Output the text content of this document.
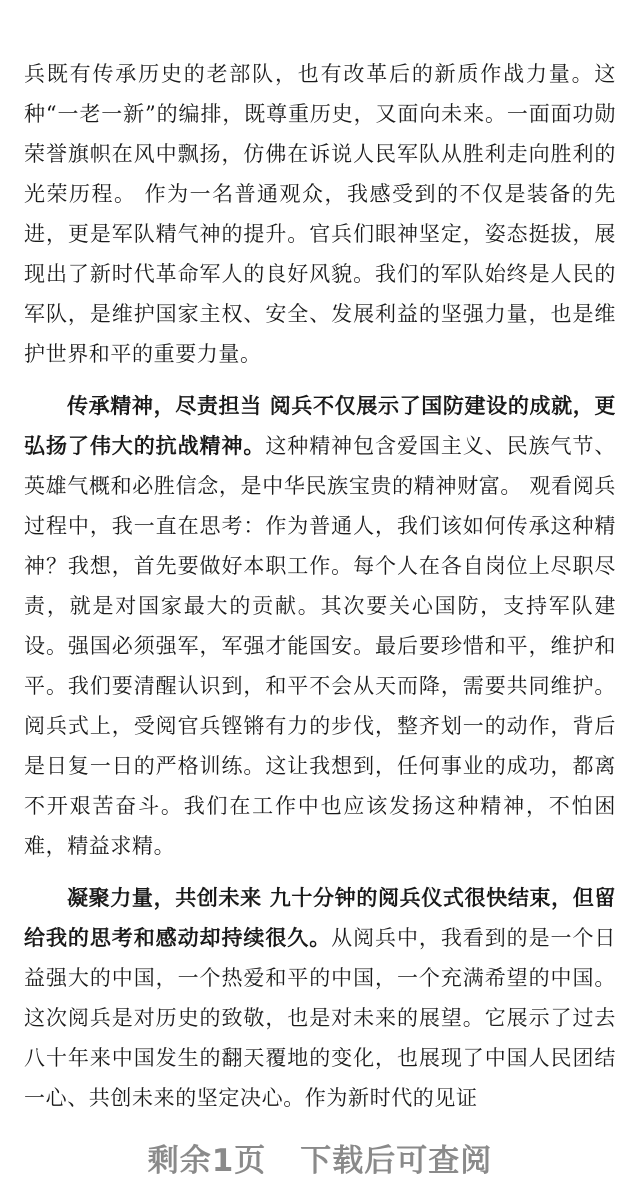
兵既有传承历史的老部队，也有改革后的新质作战力量。这种“一老一新”的编排，既尊重历史，又面向未来。一面面功勋荣誉旗帜在风中飘扬，仿佛在诉说人民军队从胜利走向胜利的光荣历程。 作为一名普通观众，我感受到的不仅是装备的先进，更是军队精气神的提升。官兵们眼神坚定，姿态挺拔，展现出了新时代革命军人的良好风貌。我们的军队始终是人民的军队，是维护国家主权、安全、发展利益的坚强力量，也是维护世界和平的重要力量。

传承精神，尽责担当 阅兵不仅展示了国防建设的成就，更弘扬了伟大的抗战精神。这种精神包含爱国主义、民族气节、英雄气概和必胜信念，是中华民族宝贵的精神财富。 观看阅兵过程中，我一直在思考：作为普通人，我们该如何传承这种精神？我想，首先要做好本职工作。每个人在各自岗位上尽职尽责，就是对国家最大的贡献。其次要关心国防，支持军队建设。强国必须强军，军强才能国安。最后要珍惜和平，维护和平。我们要清醒认识到，和平不会从天而降，需要共同维护。阅兵式上，受阅官兵铿锵有力的步伐，整齐划一的动作，背后是日复一日的严格训练。这让我想到，任何事业的成功，都离不开艰苦奋斗。我们在工作中也应该发扬这种精神，不怕困难，精益求精。

凝聚力量，共创未来 九十分钟的阅兵仪式很快结束，但留给我的思考和感动却持续很久。从阅兵中，我看到的是一个日益强大的中国，一个热爱和平的中国，一个充满希望的中国。 这次阅兵是对历史的致敬，也是对未来的展望。它展示了过去八十年来中国发生的翻天覆地的变化，也展现了中国人民团结一心、共创未来的坚定决心。作为新时代的见证

剩余1页 下载后可查阅
